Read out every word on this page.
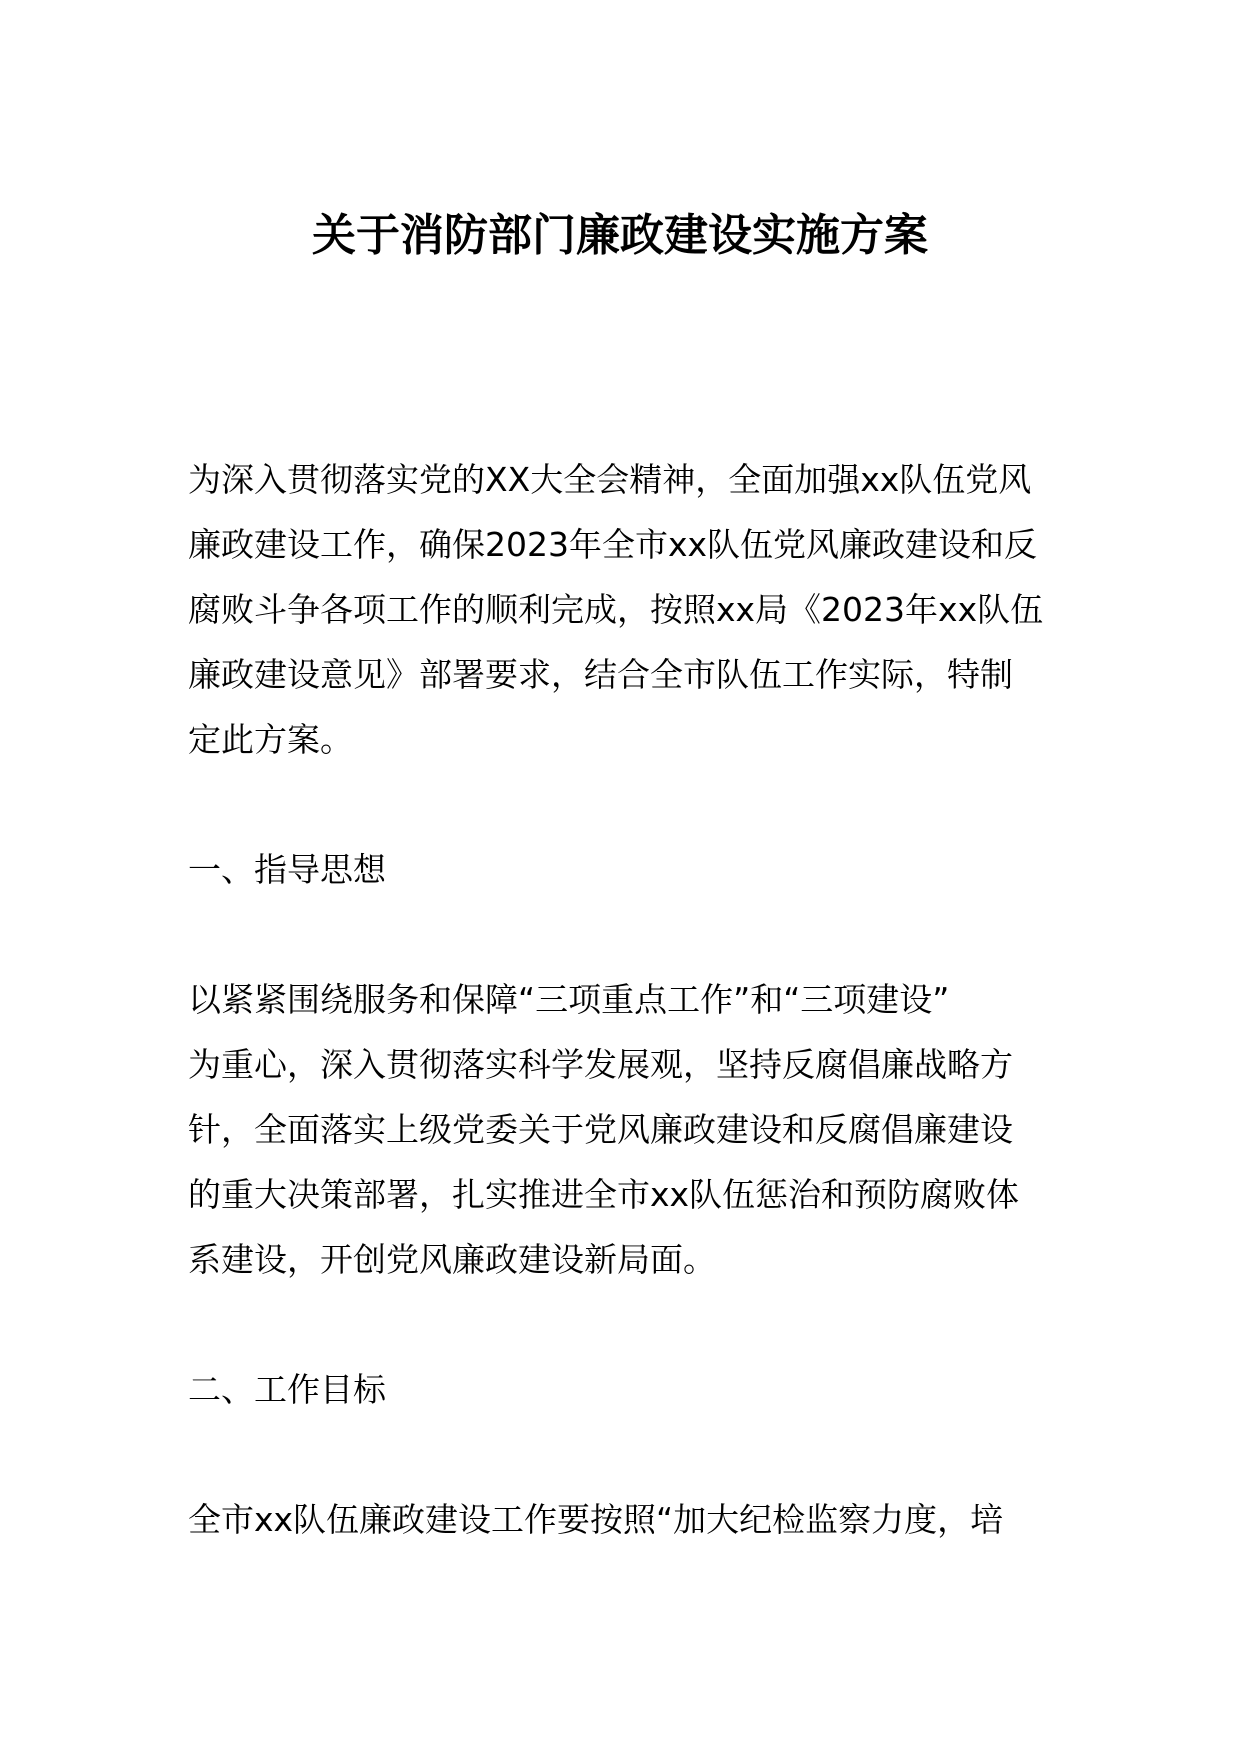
关于消防部门廉政建设实施方案
为深入贯彻落实党的XX大全会精神，全面加强xx队伍党风
廉政建设工作，确保2023年全市xx队伍党风廉政建设和反
腐败斗争各项工作的顺利完成，按照xx局《2023年xx队伍
廉政建设意见》部署要求，结合全市队伍工作实际，特制
定此方案。
一、指导思想
以紧紧围绕服务和保障“三项重点工作”和“三项建设”
为重心，深入贯彻落实科学发展观，坚持反腐倡廉战略方
针，全面落实上级党委关于党风廉政建设和反腐倡廉建设
的重大决策部署，扎实推进全市xx队伍惩治和预防腐败体
系建设，开创党风廉政建设新局面。
二、工作目标
全市xx队伍廉政建设工作要按照“加大纪检监察力度，培
